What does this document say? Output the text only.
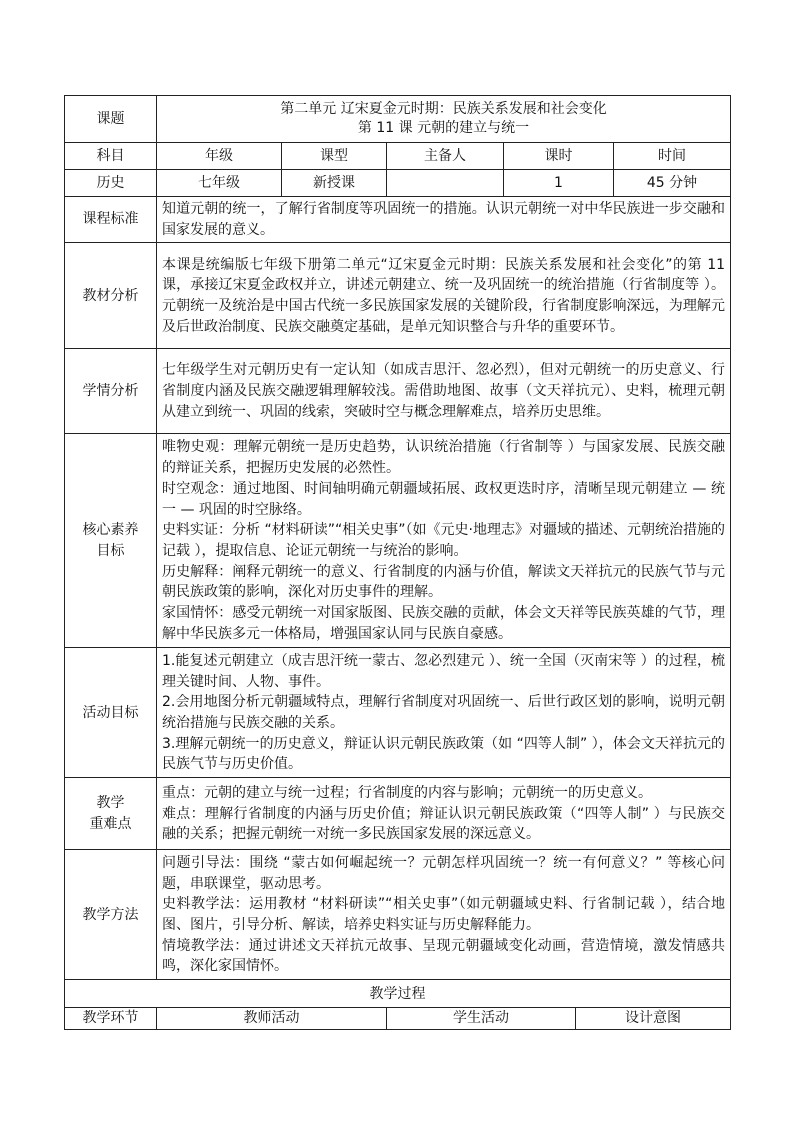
课题	第二单元 辽宋夏金元时期：民族关系发展和社会变化
第 11 课 元朝的建立与统一					

科目	年级	课型	主备人	课时		时间
历史	七年级	新授课		1		45 分钟
课程标准	知道元朝的统一，了解行省制度等巩固统一的措施。认识元朝统一对中华民族进一步交融和国家发展的意义。					

教材分析	本课是统编版七年级下册第二单元“辽宋夏金元时期：民族关系发展和社会变化”的第 11 课，承接辽宋夏金政权并立，讲述元朝建立、统一及巩固统一的统治措施（行省制度等 ）。元朝统一及统治是中国古代统一多民族国家发展的关键阶段，行省制度影响深远，为理解元及后世政治制度、民族交融奠定基础，是单元知识整合与升华的重要环节。					

学情分析	七年级学生对元朝历史有一定认知（如成吉思汗、忽必烈），但对元朝统一的历史意义、行省制度内涵及民族交融逻辑理解较浅。需借助地图、故事（文天祥抗元）、史料，梳理元朝从建立到统一、巩固的线索，突破时空与概念理解难点，培养历史思维。					

核心素养
目标	唯物史观：理解元朝统一是历史趋势，认识统治措施（行省制等 ）与国家发展、民族交融的辩证关系，把握历史发展的必然性。
时空观念：通过地图、时间轴明确元朝疆域拓展、政权更迭时序，清晰呈现元朝建立 — 统一 — 巩固的时空脉络。
史料实证：分析 “材料研读”“相关史事”（如《元史·地理志》对疆域的描述、元朝统治措施的记载 ），提取信息、论证元朝统一与统治的影响。
历史解释：阐释元朝统一的意义、行省制度的内涵与价值，解读文天祥抗元的民族气节与元朝民族政策的影响，深化对历史事件的理解。
家国情怀：感受元朝统一对国家版图、民族交融的贡献，体会文天祥等民族英雄的气节，理解中华民族多元一体格局，增强国家认同与民族自豪感。					

活动目标	1.能复述元朝建立（成吉思汗统一蒙古、忽必烈建元 ）、统一全国（灭南宋等 ）的过程，梳理关键时间、人物、事件。
2.会用地图分析元朝疆域特点，理解行省制度对巩固统一、后世行政区划的影响，说明元朝统治措施与民族交融的关系。
3.理解元朝统一的历史意义，辩证认识元朝民族政策（如 “四等人制” ），体会文天祥抗元的民族气节与历史价值。					

教学
重难点	重点：元朝的建立与统一过程；行省制度的内容与影响；元朝统一的历史意义。
难点：理解行省制度的内涵与历史价值；辩证认识元朝民族政策（“四等人制” ）与民族交融的关系；把握元朝统一对统一多民族国家发展的深远意义。					

教学方法	问题引导法：围绕 “蒙古如何崛起统一？元朝怎样巩固统一？统一有何意义？” 等核心问题，串联课堂，驱动思考。
史料教学法：运用教材 “材料研读”“相关史事”（如元朝疆域史料、行省制记载 ），结合地图、图片，引导分析、解读，培养史料实证与历史解释能力。
情境教学法：通过讲述文天祥抗元故事、呈现元朝疆域变化动画，营造情境，激发情感共鸣，深化家国情怀。					

教学过程						
教学环节	教师活动		学生活动		设计意图	
